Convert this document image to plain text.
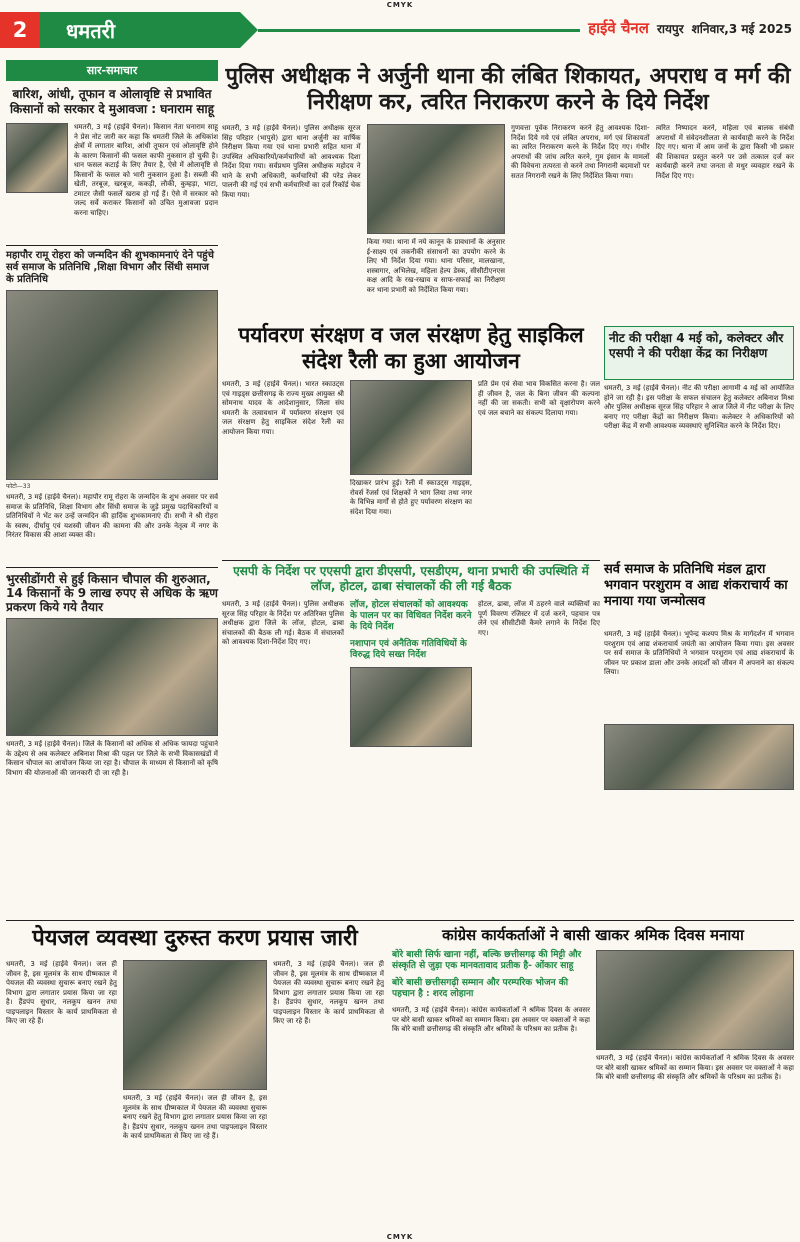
CMYK
2	धमतरी	हाईवे चैनल रायपुर शनिवार,3 मई 2025
सार-समाचार
बारिश, आंधी, तूफान व ओलावृष्टि से प्रभावित किसानों को सरकार दे मुआवजा : घनाराम साहू
धमतरी, 3 मई (हाईवे चैनल)। किसान नेता घनाराम साहू ने प्रेस नोट जारी कर कहा कि धमतरी जिले के अधिकांश क्षेत्रों में लगातार बारिश, आंधी तूफान एवं ओलावृष्टि होने के कारण किसानों की फसल काफी नुकसान हो चुकी है। धान फसल कटाई के लिए तैयार है, ऐसे में ओलावृष्टि से किसानों के फसल को भारी नुकसान हुआ है। सब्जी की खेती, तरबूज, खरबूज, ककड़ी, लौकी, कुम्हड़ा, भाटा, टमाटर जैसी फसलें खराब हो गई हैं। ऐसे में सरकार को जल्द सर्वे कराकर किसानों को उचित मुआवजा प्रदान करना चाहिए।
महापौर रामू रोहरा को जन्मदिन की शुभकामनाएं देने पहुंचे सर्व समाज के प्रतिनिधि ,शिक्षा विभाग और सिंधी समाज के प्रतिनिधि
फोटो—33
धमतरी, 3 मई (हाईवे चैनल)। महापौर रामू रोहरा के जन्मदिन के शुभ अवसर पर सर्व समाज के प्रतिनिधि, शिक्षा विभाग और सिंधी समाज के जुड़े प्रमुख पदाधिकारियों व प्रतिनिधियों ने भेंट कर उन्हें जन्मदिन की हार्दिक शुभकामनाएं दी। सभी ने श्री रोहरा के स्वस्थ, दीर्घायु एवं यशस्वी जीवन की कामना की और उनके नेतृत्व में नगर के निरंतर विकास की आशा व्यक्त की।
भुरसीडोंगरी से हुई किसान चौपाल की शुरुआत, 14 किसानों के 9 लाख रुपए से अधिक के ऋण प्रकरण किये गये तैयार
धमतरी, 3 मई (हाईवे चैनल)। जिले के किसानों को अधिक से अधिक फायदा पहुंचाने के उद्देश्य से अब कलेक्टर अबिनाश मिश्रा की पहल पर जिले के सभी विकासखंडों में किसान चौपाल का आयोजन किया जा रहा है। चौपाल के माध्यम से किसानों को कृषि विभाग की योजनाओं की जानकारी दी जा रही है।
पुलिस अधीक्षक ने अर्जुनी थाना की लंबित शिकायत, अपराध व मर्ग की निरीक्षण कर, त्वरित निराकरण करने के दिये निर्देश
धमतरी, 3 मई (हाईवे चैनल)। पुलिस अधीक्षक सूरज सिंह परिहार (भापुसे) द्वारा थाना अर्जुनी का वार्षिक निरीक्षण किया गया एवं थाना प्रभारी सहित थाना में उपस्थित अधिकारियों/कर्मचारियों को आवश्यक दिशा निर्देश दिया गया। सर्वप्रथम पुलिस अधीक्षक महोदय ने थाने के सभी अधिकारी, कर्मचारियों की परेड लेकर पालनी की गई एवं सभी कर्मचारियों का दर्ज रिकॉर्ड चेक किया गया।
किया गया। थाना में नये कानून के प्रावधानों के अनुसार ई-साक्ष्य एवं तकनीकी संसाधनों का उपयोग करने के लिए भी निर्देश दिया गया। थाना परिसर, मालखाना, शस्त्रागार, अभिलेख, महिला हेल्प डेस्क, सीसीटीएनएस कक्ष आदि के रख-रखाव व साफ-सफाई का निरीक्षण कर थाना प्रभारी को निर्देशित किया गया।
गुणवत्ता पूर्वक निराकरण करने हेतु आवश्यक दिशा-निर्देश दिये गये एवं लंबित अपराध, मर्ग एवं शिकायतों का त्वरित निराकरण करने के निर्देश दिए गए। गंभीर अपराधों की जांच त्वरित करने, गुम इंसान के मामलों की विवेचना तत्परता से करने तथा निगरानी बदमाशों पर सतत निगरानी रखने के लिए निर्देशित किया गया।
त्वरित निष्पादन करने, महिला एवं बालक संबंधी अपराधों में संवेदनशीलता से कार्यवाही करने के निर्देश दिए गए। थाना में आम जनों के द्वारा किसी भी प्रकार की शिकायत प्रस्तुत करने पर उसे तत्काल दर्ज कर कार्यवाही करने तथा जनता से मधुर व्यवहार रखने के निर्देश दिए गए।
पर्यावरण संरक्षण व जल संरक्षण हेतु साइकिल संदेश रैली का हुआ आयोजन
धमतरी, 3 मई (हाईवे चैनल)। भारत स्काउट्स एवं गाइड्स छत्तीसगढ़ के राज्य मुख्य आयुक्त श्री सोमनाथ यादव के आदेशानुसार, जिला संघ धमतरी के तत्वावधान में पर्यावरण संरक्षण एवं जल संरक्षण हेतु साइकिल संदेश रैली का आयोजन किया गया।
दिखाकर प्रारंभ हुई। रैली में स्काउट्स गाइड्स, रोवर्स रेंजर्स एवं शिक्षकों ने भाग लिया तथा नगर के विभिन्न मार्गों से होते हुए पर्यावरण संरक्षण का संदेश दिया गया।
प्रति प्रेम एवं सेवा भाव विकसित करना है। जल ही जीवन है, जल के बिना जीवन की कल्पना नहीं की जा सकती। सभी को वृक्षारोपण करने एवं जल बचाने का संकल्प दिलाया गया।
नीट की परीक्षा 4 मई को, कलेक्टर और एसपी ने की परीक्षा केंद्र का निरीक्षण
धमतरी, 3 मई (हाईवे चैनल)। नीट की परीक्षा आगामी 4 मई को आयोजित होने जा रही है। इस परीक्षा के सफल संचालन हेतु कलेक्टर अबिनाश मिश्रा और पुलिस अधीक्षक सूरज सिंह परिहार ने आज जिले में नीट परीक्षा के लिए बनाए गए परीक्षा केंद्रों का निरीक्षण किया। कलेक्टर ने अधिकारियों को परीक्षा केंद्र में सभी आवश्यक व्यवस्थाएं सुनिश्चित करने के निर्देश दिए।
एसपी के निर्देश पर एएसपी द्वारा डीएसपी, एसडीएम, थाना प्रभारी की उपस्थिति में लॉज, होटल, ढाबा संचालकों की ली गई बैठक
धमतरी, 3 मई (हाईवे चैनल)। पुलिस अधीक्षक सूरज सिंह परिहार के निर्देश पर अतिरिक्त पुलिस अधीक्षक द्वारा जिले के लॉज, होटल, ढाबा संचालकों की बैठक ली गई। बैठक में संचालकों को आवश्यक दिशा-निर्देश दिए गए।
लॉज, होटल संचालकों को आवश्यक के पालन पर का विधिवत निर्देश करने के दिये निर्देश
नशापान एवं अनैतिक गतिविधियों के विरुद्ध दिये सख्त निर्देश
होटल, ढाबा, लॉज में ठहरने वाले व्यक्तियों का पूर्ण विवरण रजिस्टर में दर्ज करने, पहचान पत्र लेने एवं सीसीटीवी कैमरे लगाने के निर्देश दिए गए।
सर्व समाज के प्रतिनिधि मंडल द्वारा भगवान परशुराम व आद्य शंकराचार्य का मनाया गया जन्मोत्सव
धमतरी, 3 मई (हाईवे चैनल)। भूपेन्द्र कश्यप मिश्र के मार्गदर्शन में भगवान परशुराम एवं आद्य शंकराचार्य जयंती का आयोजन किया गया। इस अवसर पर सर्व समाज के प्रतिनिधियों ने भगवान परशुराम एवं आद्य शंकराचार्य के जीवन पर प्रकाश डाला और उनके आदर्शों को जीवन में अपनाने का संकल्प लिया।
पेयजल व्यवस्था दुरुस्त करण प्रयास जारी
धमतरी, 3 मई (हाईवे चैनल)। जल ही जीवन है, इस मूलमंत्र के साथ ग्रीष्मकाल में पेयजल की व्यवस्था सुचारू बनाए रखने हेतु विभाग द्वारा लगातार प्रयास किया जा रहा है। हैंडपंप सुधार, नलकूप खनन तथा पाइपलाइन विस्तार के कार्य प्राथमिकता से किए जा रहे हैं।
धमतरी, 3 मई (हाईवे चैनल)। जल ही जीवन है, इस मूलमंत्र के साथ ग्रीष्मकाल में पेयजल की व्यवस्था सुचारू बनाए रखने हेतु विभाग द्वारा लगातार प्रयास किया जा रहा है। हैंडपंप सुधार, नलकूप खनन तथा पाइपलाइन विस्तार के कार्य प्राथमिकता से किए जा रहे हैं।
धमतरी, 3 मई (हाईवे चैनल)। जल ही जीवन है, इस मूलमंत्र के साथ ग्रीष्मकाल में पेयजल की व्यवस्था सुचारू बनाए रखने हेतु विभाग द्वारा लगातार प्रयास किया जा रहा है। हैंडपंप सुधार, नलकूप खनन तथा पाइपलाइन विस्तार के कार्य प्राथमिकता से किए जा रहे हैं।
कांग्रेस कार्यकर्ताओं ने बासी खाकर श्रमिक दिवस मनाया
बोरे बासी सिर्फ खाना नहीं, बल्कि छत्तीसगढ़ की मिट्टी और संस्कृति से जुड़ा एक मानवतावाद प्रतीक है- ओंकार साहू
बोरे बासी छत्तीसगढ़ी सम्मान और परम्परिक भोजन की पहचान है : शरद लोहाना
धमतरी, 3 मई (हाईवे चैनल)। कांग्रेस कार्यकर्ताओं ने श्रमिक दिवस के अवसर पर बोरे बासी खाकर श्रमिकों का सम्मान किया। इस अवसर पर वक्ताओं ने कहा कि बोरे बासी छत्तीसगढ़ की संस्कृति और श्रमिकों के परिश्रम का प्रतीक है।
धमतरी, 3 मई (हाईवे चैनल)। कांग्रेस कार्यकर्ताओं ने श्रमिक दिवस के अवसर पर बोरे बासी खाकर श्रमिकों का सम्मान किया। इस अवसर पर वक्ताओं ने कहा कि बोरे बासी छत्तीसगढ़ की संस्कृति और श्रमिकों के परिश्रम का प्रतीक है।
CMYK
